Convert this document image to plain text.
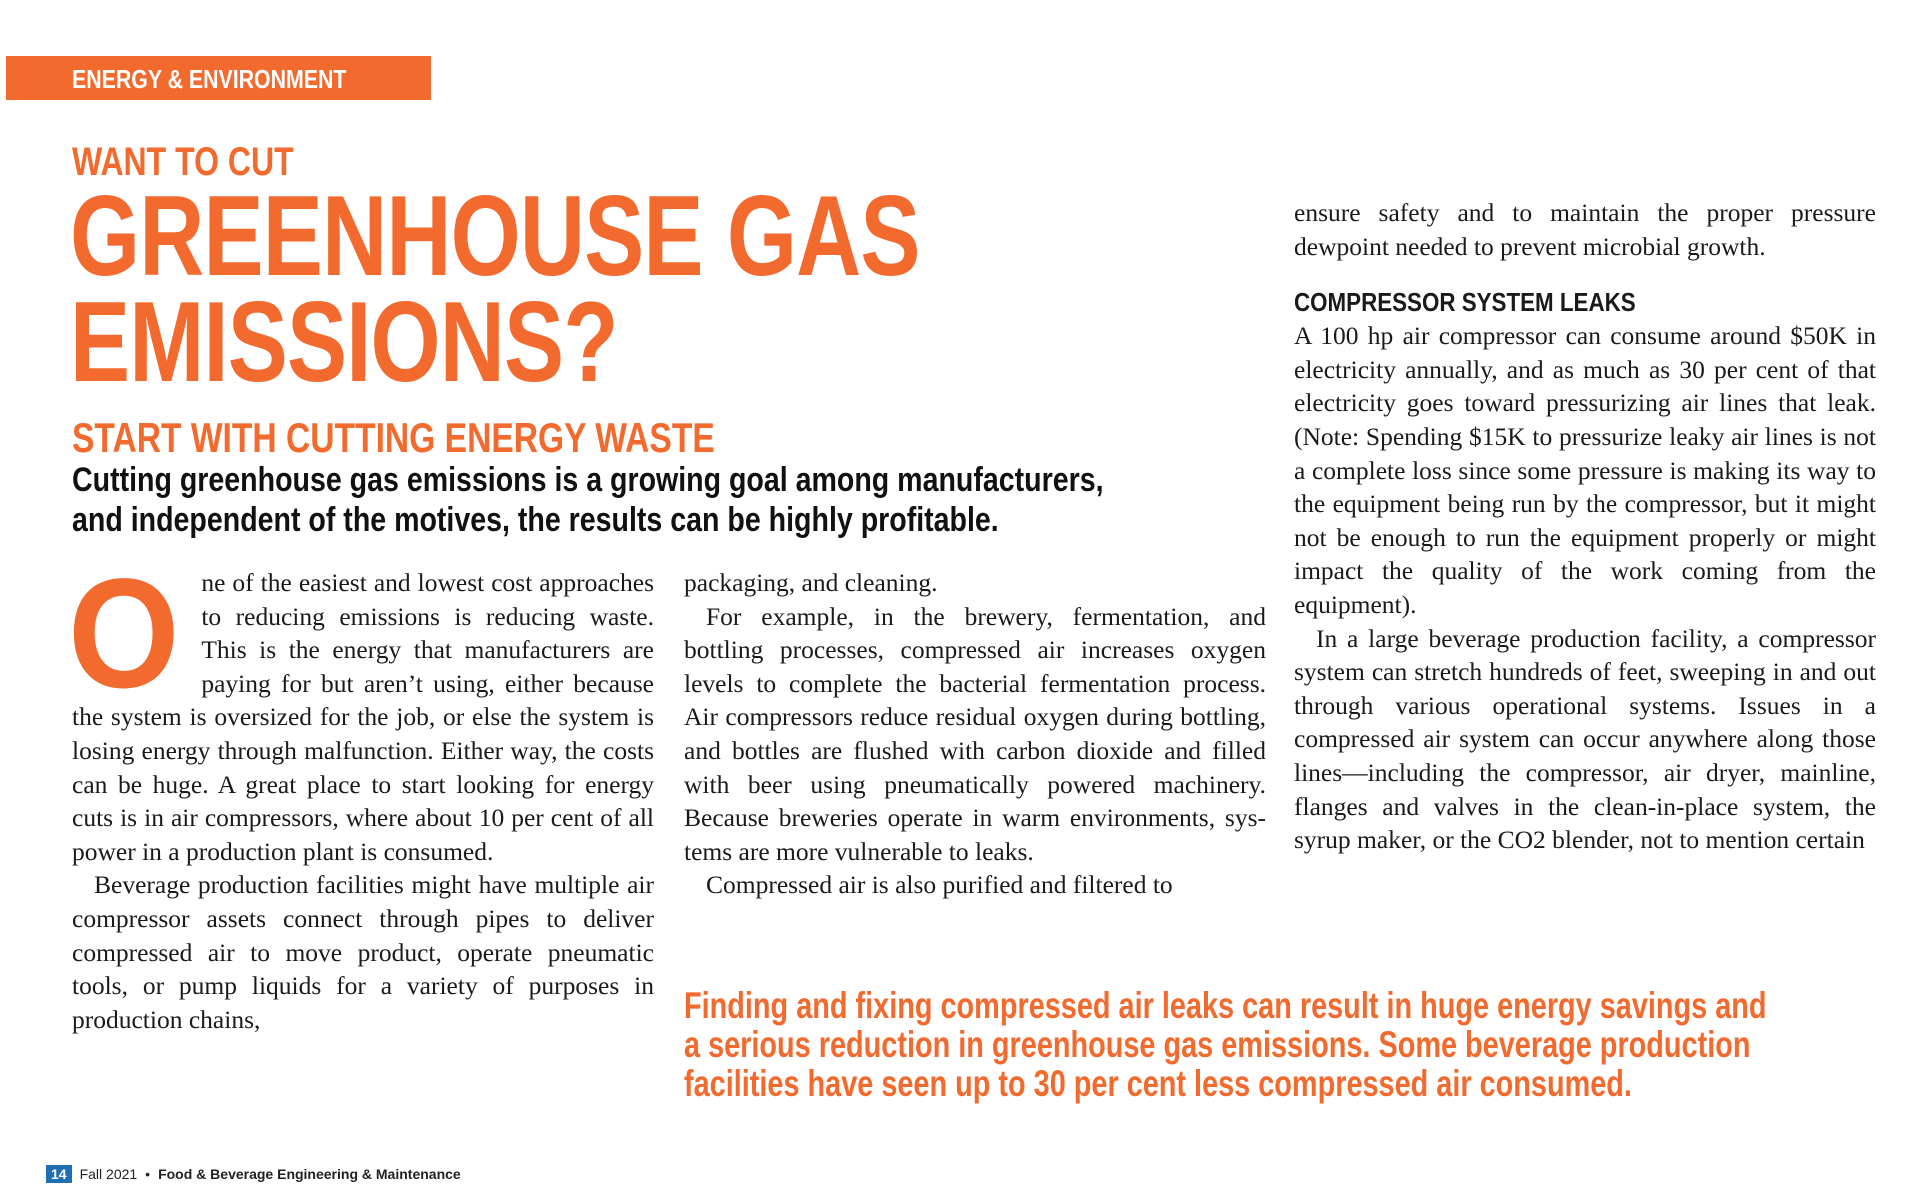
ENERGY & ENVIRONMENT
WANT TO CUT
GREENHOUSE GAS
EMISSIONS?
START WITH CUTTING ENERGY WASTE
Cutting greenhouse gas emissions is a growing goal among manufacturers,
and independent of the motives, the results can be highly profitable.
O ne of the easiest and lowest cost approaches to reducing emissions is reducing waste. This is the energy that manufacturers are paying for but aren’t using, either because the system is oversized for the job, or else the system is losing energy through malfunction. Either way, the costs can be huge. A great place to start looking for energy cuts is in air compressors, where about 10 per cent of all power in a production plant is consumed.

Beverage production facilities might have multiple air compressor assets connect through pipes to deliver compressed air to move product, operate pneumatic tools, or pump liquids for a variety of purposes in production chains,

packaging, and cleaning.

For example, in the brewery, fermentation, and bottling processes, compressed air increases oxygen levels to complete the bacterial fermentation process. Air compressors reduce residual oxygen during bottling, and bottles are flushed with carbon dioxide and filled with beer using pneumatically powered machinery. Because breweries operate in warm environments, systems are more vulnerable to leaks.

Compressed air is also purified and filtered to

ensure safety and to maintain the proper pressure dewpoint needed to prevent microbial growth.

COMPRESSOR SYSTEM LEAKS

A 100 hp air compressor can consume around $50K in electricity annually, and as much as 30 per cent of that electricity goes toward pressurizing air lines that leak. (Note: Spending $15K to pressurize leaky air lines is not a complete loss since some pressure is making its way to the equipment being run by the compressor, but it might not be enough to run the equipment properly or might impact the quality of the work coming from the equipment).

In a large beverage production facility, a compressor system can stretch hundreds of feet, sweeping in and out through various operational systems. Issues in a compressed air system can occur anywhere along those lines—including the compressor, air dryer, mainline, flanges and valves in the clean-in-place system, the syrup maker, or the CO2 blender, not to mention certain

Finding and fixing compressed air leaks can result in huge energy savings and
a serious reduction in greenhouse gas emissions. Some beverage production
facilities have seen up to 30 per cent less compressed air consumed.
14 Fall 2021 • Food & Beverage Engineering & Maintenance
